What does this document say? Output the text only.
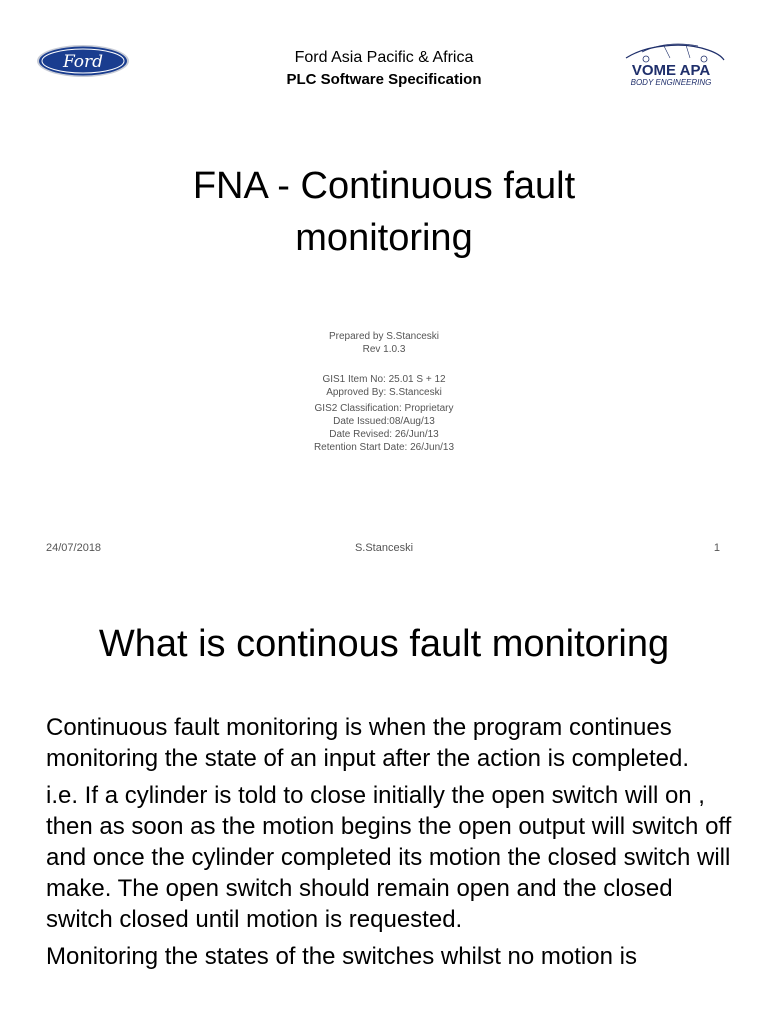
Ford	Ford Asia Pacific & Africa
PLC Software Specification
VOME APA
BODY ENGINEERING
FNA - Continuous fault monitoring
Prepared by S.Stanceski
Rev 1.0.3
GIS1 Item No: 25.01 S + 12
Approved By: S.Stanceski
GIS2 Classification: Proprietary
Date Issued:08/Aug/13
Date Revised: 26/Jun/13
Retention Start Date: 26/Jun/13
24/07/2018	S.Stanceski	1
What is continous fault monitoring

Continuous fault monitoring is when the program continues monitoring the state of an input after the action is completed.

i.e. If a cylinder is told to close initially the open switch will on , then as soon as the motion begins the open output will switch off and once the cylinder completed its motion the closed switch will make. The open switch should remain open and the closed switch closed until motion is requested.

Monitoring the states of the switches whilst no motion is
